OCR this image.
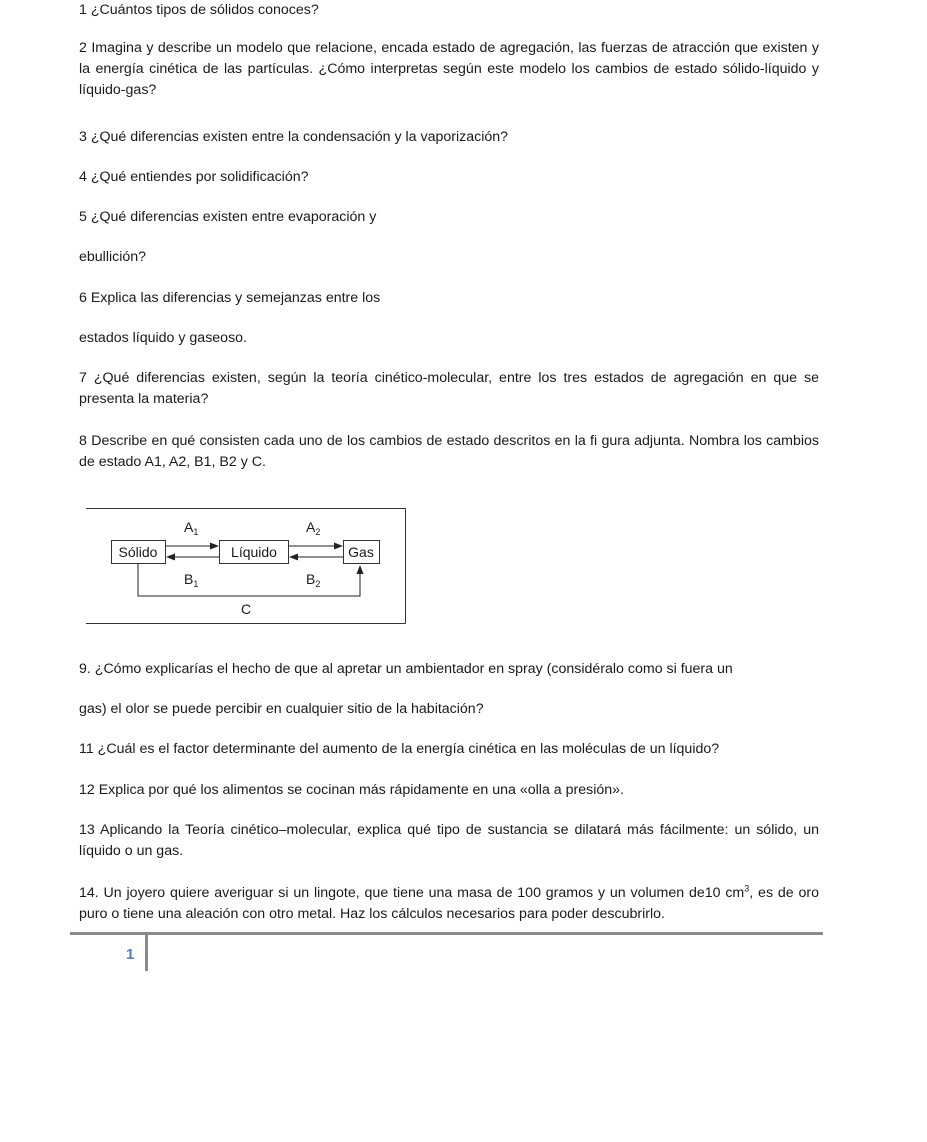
1 ¿Cuántos tipos de sólidos conoces?

2 Imagina y describe un modelo que relacione, encada estado de agregación, las fuerzas de atracción que existen y la energía cinética de las partículas. ¿Cómo interpretas según este modelo los cambios de estado sólido-líquido y líquido-gas?

3 ¿Qué diferencias existen entre la condensación y la vaporización?

4 ¿Qué entiendes por solidificación?

5 ¿Qué diferencias existen entre evaporación y

ebullición?

6 Explica las diferencias y semejanzas entre los

estados líquido y gaseoso.

7 ¿Qué diferencias existen, según la teoría cinético-molecular, entre los tres estados de agregación en que se presenta la materia?

8 Describe en qué consisten cada uno de los cambios de estado descritos en la fi gura adjunta. Nombra los cambios de estado A1, A2, B1, B2 y C.

9. ¿Cómo explicarías el hecho de que al apretar un ambientador en spray (considéralo como si fuera un

gas) el olor se puede percibir en cualquier sitio de la habitación?

11 ¿Cuál es el factor determinante del aumento de la energía cinética en las moléculas de un líquido?

12 Explica por qué los alimentos se cocinan más rápidamente en una «olla a presión».

13 Aplicando la Teoría cinético–molecular, explica qué tipo de sustancia se dilatará más fácilmente: un sólido, un líquido o un gas.

14. Un joyero quiere averiguar si un lingote, que tiene una masa de 100 gramos y un volumen de10 $cm^3$, es de oro puro o tiene una aleación con otro metal. Haz los cálculos necesarios para poder descubrirlo.

Sólido	Líquido	Gas
$A_1$	$A_2$
$B_1$	$B_2$
C
1
